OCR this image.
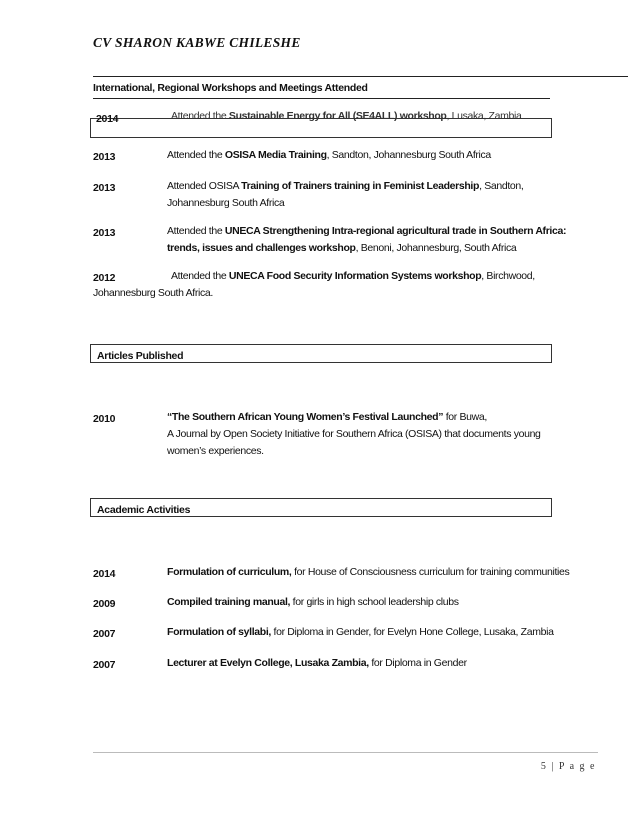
CV SHARON KABWE CHILESHE
International, Regional Workshops and Meetings Attended
2014	Attended the Sustainable Energy for All (SE4ALL) workshop, Lusaka, Zambia
2013	Attended the OSISA Media Training, Sandton, Johannesburg South Africa
2013	Attended OSISA Training of Trainers training in Feminist Leadership, Sandton,
Johannesburg South Africa
2013	Attended the UNECA Strengthening Intra-regional agricultural trade in Southern Africa:
trends, issues and challenges workshop, Benoni, Johannesburg, South Africa
2012	Attended the UNECA Food Security Information Systems workshop, Birchwood,
Johannesburg South Africa.
Articles Published
2010	“The Southern African Young Women’s Festival Launched” for Buwa,
A Journal by Open Society Initiative for Southern Africa (OSISA) that documents young
women’s experiences.
Academic Activities
2014	Formulation of curriculum, for House of Consciousness curriculum for training communities
2009	Compiled training manual, for girls in high school leadership clubs
2007	Formulation of syllabi, for Diploma in Gender, for Evelyn Hone College, Lusaka, Zambia
2007	Lecturer at Evelyn College, Lusaka Zambia, for Diploma in Gender
5 | P a g e
